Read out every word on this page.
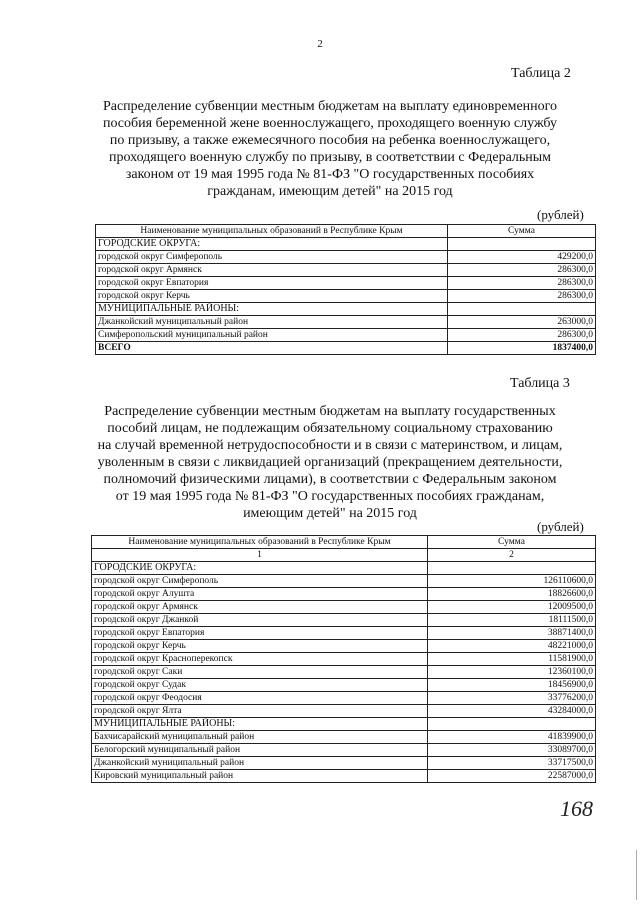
2
Таблица 2
Распределение субвенции местным бюджетам на выплату единовременного
пособия беременной жене военнослужащего, проходящего военную службу
по призыву, а также ежемесячного пособия на ребенка военнослужащего,
проходящего военную службу по призыву, в соответствии с Федеральным
законом от 19 мая 1995 года № 81-ФЗ "О государственных пособиях
гражданам, имеющим детей" на 2015 год
(рублей)
Наименование муниципальных образований в Республике Крым	Сумма
ГОРОДСКИЕ ОКРУГА:	
городской округ Симферополь	429200,0
городской округ Армянск	286300,0
городской округ Евпатория	286300,0
городской округ Керчь	286300,0
МУНИЦИПАЛЬНЫЕ РАЙОНЫ:	
Джанкойский муниципальный район	263000,0
Симферопольский муниципальный район	286300,0
ВСЕГО	1837400,0
Таблица 3
Распределение субвенции местным бюджетам на выплату государственных
пособий лицам, не подлежащим обязательному социальному страхованию
на случай временной нетрудоспособности и в связи с материнством, и лицам,
уволенным в связи с ликвидацией организаций (прекращением деятельности,
полномочий физическими лицами), в соответствии с Федеральным законом
от 19 мая 1995 года № 81-ФЗ "О государственных пособиях гражданам,
имеющим детей" на 2015 год
(рублей)
Наименование муниципальных образований в Республике Крым	Сумма
1	2
ГОРОДСКИЕ ОКРУГА:	
городской округ Симферополь	126110600,0
городской округ Алушта	18826600,0
городской округ Армянск	12009500,0
городской округ Джанкой	18111500,0
городской округ Евпатория	38871400,0
городской округ Керчь	48221000,0
городской округ Красноперекопск	11581900,0
городской округ Саки	12360100,0
городской округ Судак	18456900,0
городской округ Феодосия	33776200,0
городской округ Ялта	43284000,0
МУНИЦИПАЛЬНЫЕ РАЙОНЫ:	
Бахчисарайский муниципальный район	41839900,0
Белогорский муниципальный район	33089700,0
Джанкойский муниципальный район	33717500,0
Кировский муниципальный район	22587000,0
168
